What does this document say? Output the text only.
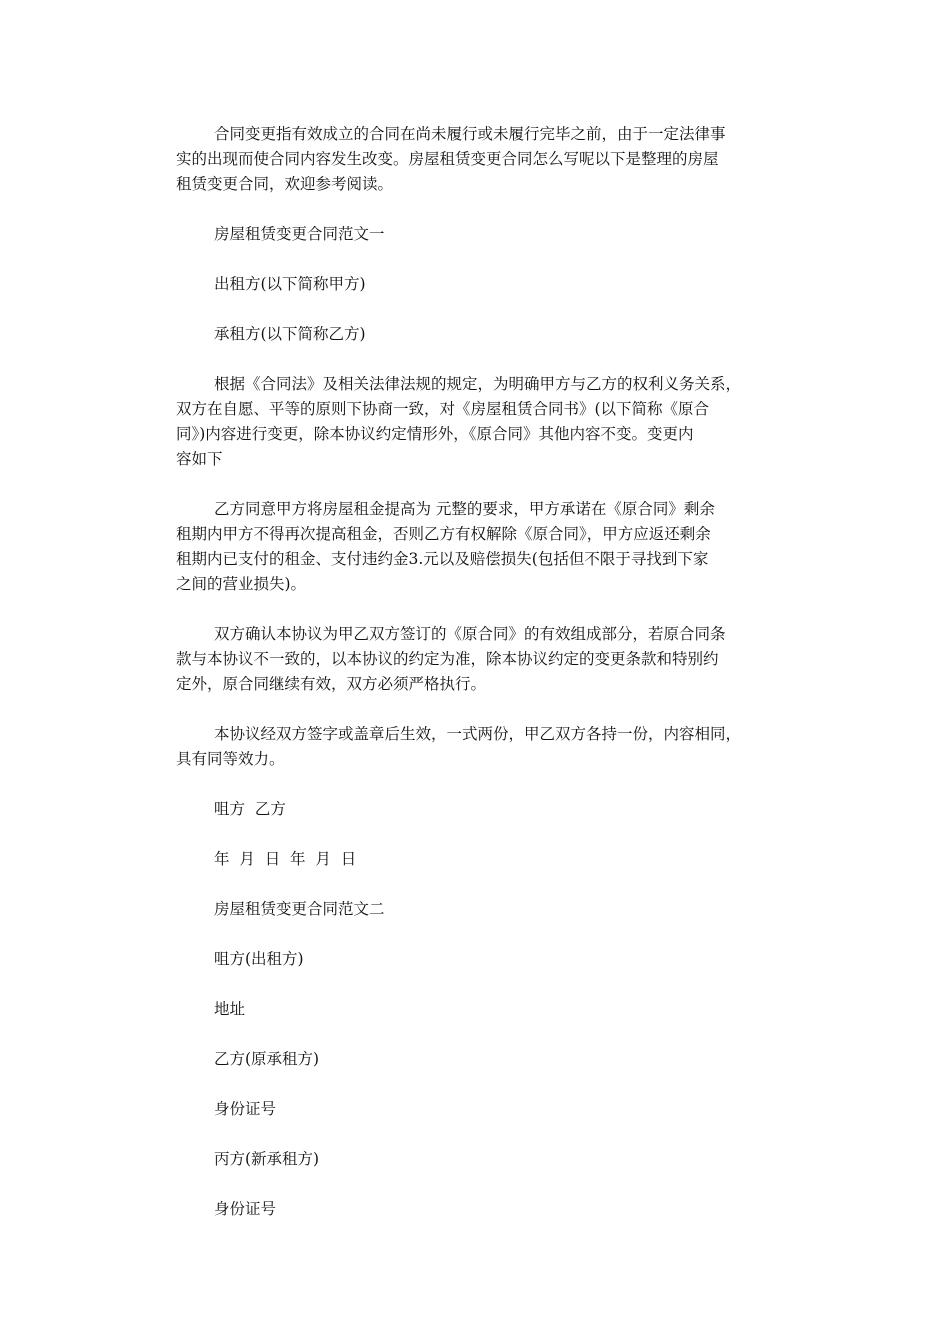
合同变更指有效成立的合同在尚未履行或未履行完毕之前，由于一定法律事
实的出现而使合同内容发生改变。房屋租赁变更合同怎么写呢以下是整理的房屋
租赁变更合同，欢迎参考阅读。

房屋租赁变更合同范文一

出租方(以下简称甲方)

承租方(以下简称乙方)

根据《合同法》及相关法律法规的规定，为明确甲方与乙方的权利义务关系，
双方在自愿、平等的原则下协商一致，对《房屋租赁合同书》(以下简称《原合
同》)内容进行变更，除本协议约定情形外，《原合同》其他内容不变。变更内
容如下

乙方同意甲方将房屋租金提高为 元整的要求，甲方承诺在《原合同》剩余
租期内甲方不得再次提高租金，否则乙方有权解除《原合同》，甲方应返还剩余
租期内已支付的租金、支付违约金3.元以及赔偿损失(包括但不限于寻找到下家
之间的营业损失)。

双方确认本协议为甲乙双方签订的《原合同》的有效组成部分，若原合同条
款与本协议不一致的，以本协议的约定为准，除本协议约定的变更条款和特别约
定外，原合同继续有效，双方必须严格执行。

本协议经双方签字或盖章后生效，一式两份，甲乙双方各持一份，内容相同，
具有同等效力。

咀方  乙方

年  月  日  年  月  日

房屋租赁变更合同范文二

咀方(出租方)

地址

乙方(原承租方)

身份证号

丙方(新承租方)

身份证号
